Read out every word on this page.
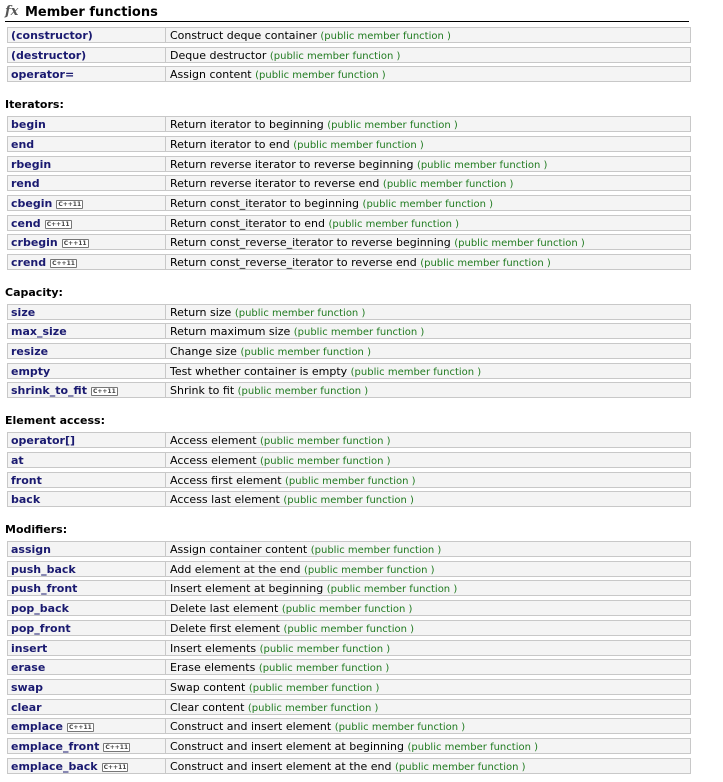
fx Member functions
(constructor)	Construct deque container (public member function )
(destructor)	Deque destructor (public member function )
operator=	Assign content (public member function )
Iterators:
begin	Return iterator to beginning (public member function )
end	Return iterator to end (public member function )
rbegin	Return reverse iterator to reverse beginning (public member function )
rend	Return reverse iterator to reverse end (public member function )
cbegin C++11	Return const_iterator to beginning (public member function )
cend C++11	Return const_iterator to end (public member function )
crbegin C++11	Return const_reverse_iterator to reverse beginning (public member function )
crend C++11	Return const_reverse_iterator to reverse end (public member function )
Capacity:
size	Return size (public member function )
max_size	Return maximum size (public member function )
resize	Change size (public member function )
empty	Test whether container is empty (public member function )
shrink_to_fit C++11	Shrink to fit (public member function )
Element access:
operator[]	Access element (public member function )
at	Access element (public member function )
front	Access first element (public member function )
back	Access last element (public member function )
Modifiers:
assign	Assign container content (public member function )
push_back	Add element at the end (public member function )
push_front	Insert element at beginning (public member function )
pop_back	Delete last element (public member function )
pop_front	Delete first element (public member function )
insert	Insert elements (public member function )
erase	Erase elements (public member function )
swap	Swap content (public member function )
clear	Clear content (public member function )
emplace C++11	Construct and insert element (public member function )
emplace_front C++11	Construct and insert element at beginning (public member function )
emplace_back C++11	Construct and insert element at the end (public member function )
